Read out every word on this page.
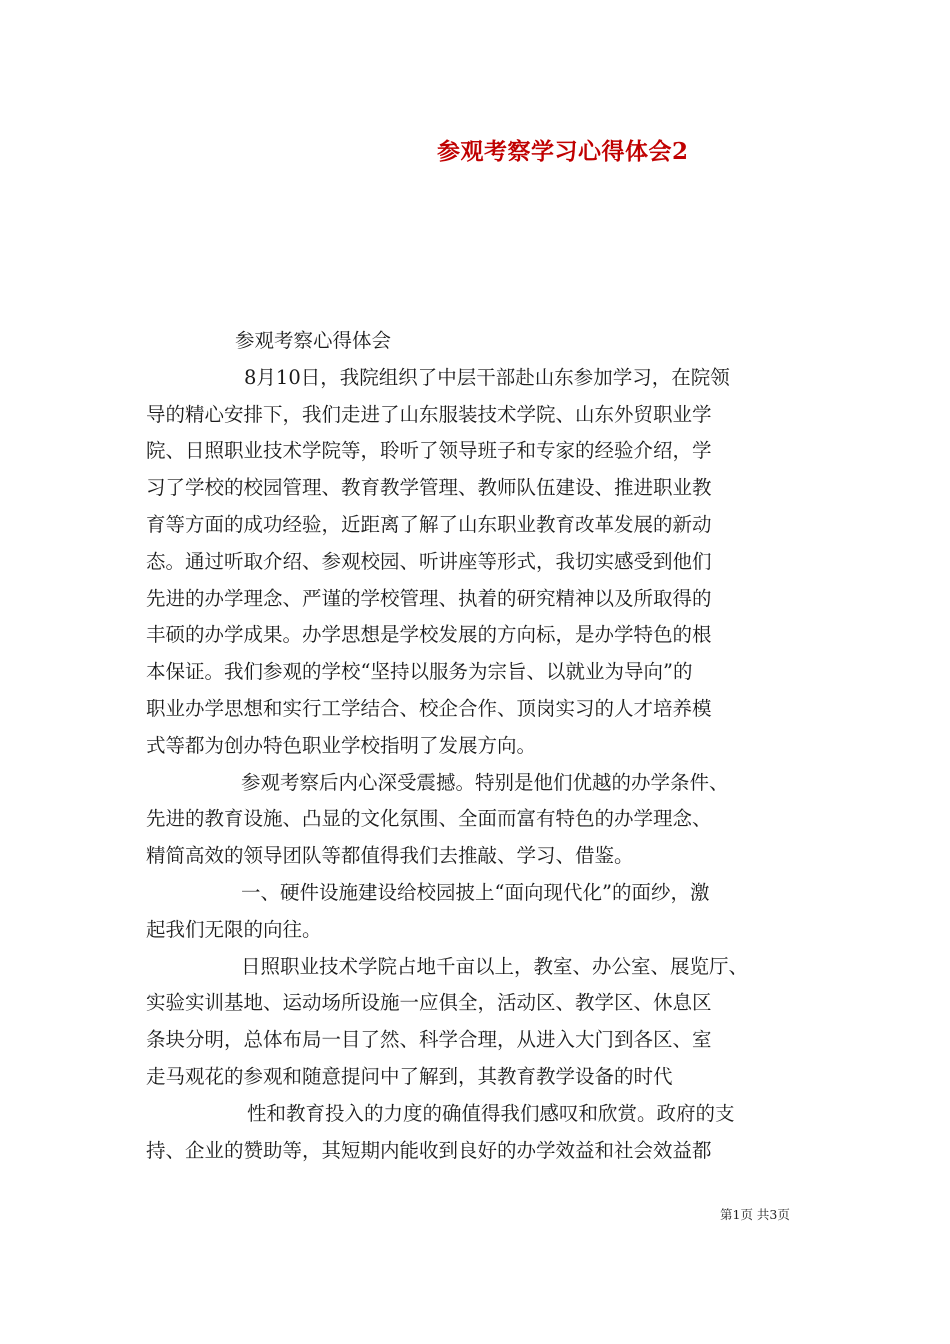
参观考察学习心得体会2
参观考察心得体会
8月10日，我院组织了中层干部赴山东参加学习，在院领
导的精心安排下，我们走进了山东服装技术学院、山东外贸职业学
院、日照职业技术学院等，聆听了领导班子和专家的经验介绍，学
习了学校的校园管理、教育教学管理、教师队伍建设、推进职业教
育等方面的成功经验，近距离了解了山东职业教育改革发展的新动
态。通过听取介绍、参观校园、听讲座等形式，我切实感受到他们
先进的办学理念、严谨的学校管理、执着的研究精神以及所取得的
丰硕的办学成果。办学思想是学校发展的方向标，是办学特色的根
本保证。我们参观的学校“坚持以服务为宗旨、以就业为导向”的
职业办学思想和实行工学结合、校企合作、顶岗实习的人才培养模
式等都为创办特色职业学校指明了发展方向。
参观考察后内心深受震撼。特别是他们优越的办学条件、
先进的教育设施、凸显的文化氛围、全面而富有特色的办学理念、
精简高效的领导团队等都值得我们去推敲、学习、借鉴。
一、硬件设施建设给校园披上“面向现代化”的面纱，激
起我们无限的向往。
日照职业技术学院占地千亩以上，教室、办公室、展览厅、
实验实训基地、运动场所设施一应俱全，活动区、教学区、休息区
条块分明，总体布局一目了然、科学合理，从进入大门到各区、室
走马观花的参观和随意提问中了解到，其教育教学设备的时代
性和教育投入的力度的确值得我们感叹和欣赏。政府的支
持、企业的赞助等，其短期内能收到良好的办学效益和社会效益都
第1页 共3页
